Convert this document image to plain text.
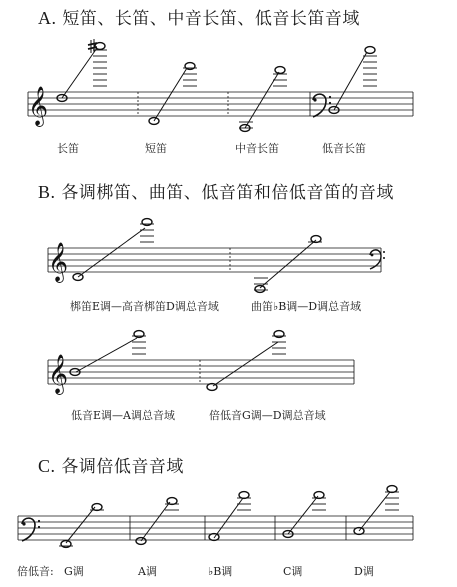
A. 短笛、长笛、中音长笛、低音长笛音域
B. 各调梆笛、曲笛、低音笛和倍低音笛的音域
C. 各调倍低音音域
𝄞
𝄞
𝄞
长笛	短笛	中音长笛	低音长笛
梆笛E调—高音梆笛D调总音域	曲笛♭B调—D调总音域
低音E调—A调总音域	倍低音G调—D调总音域
倍低音: G调	A调	♭B调	C调	D调
